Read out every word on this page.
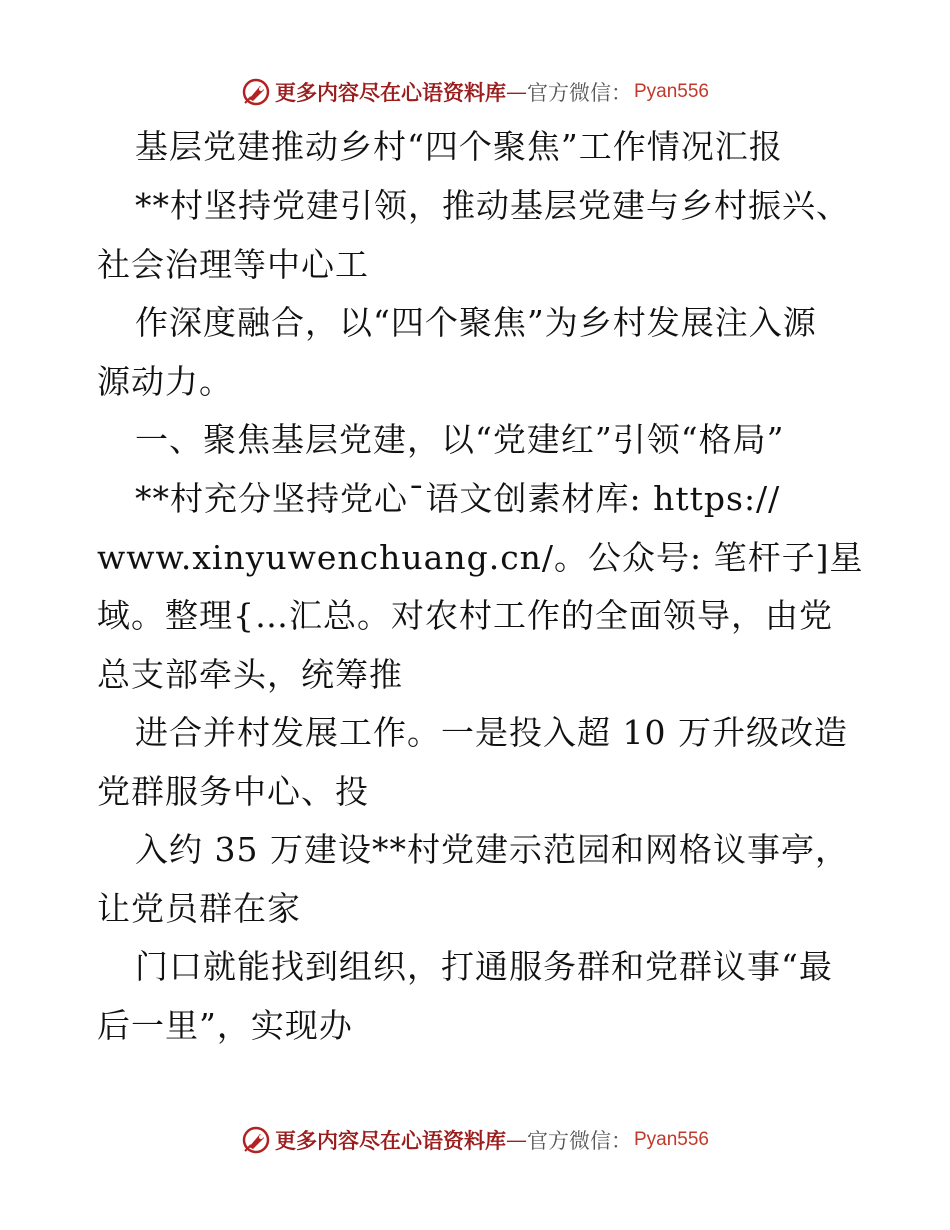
更多内容尽在心语资料库 — 官方微信： Pyan556
基层党建推动乡村“四个聚焦”工作情况汇报
**村坚持党建引领，推动基层党建与乡村振兴、
社会治理等中心工
作深度融合，以“四个聚焦”为乡村发展注入源
源动力。
一、聚焦基层党建，以“党建红”引领“格局”
**村充分坚持党心¯语文创素材库: https://
www.xinyuwenchuang.cn/。公众号: 笔杆子]星
域。整理{…汇总。对农村工作的全面领导，由党
总支部牵头，统筹推
进合并村发展工作。一是投入超 10 万升级改造
党群服务中心、投
入约 35 万建设**村党建示范园和网格议事亭，
让党员群在家
门口就能找到组织，打通服务群和党群议事“最
后一里”，实现办
更多内容尽在心语资料库 — 官方微信： Pyan556
